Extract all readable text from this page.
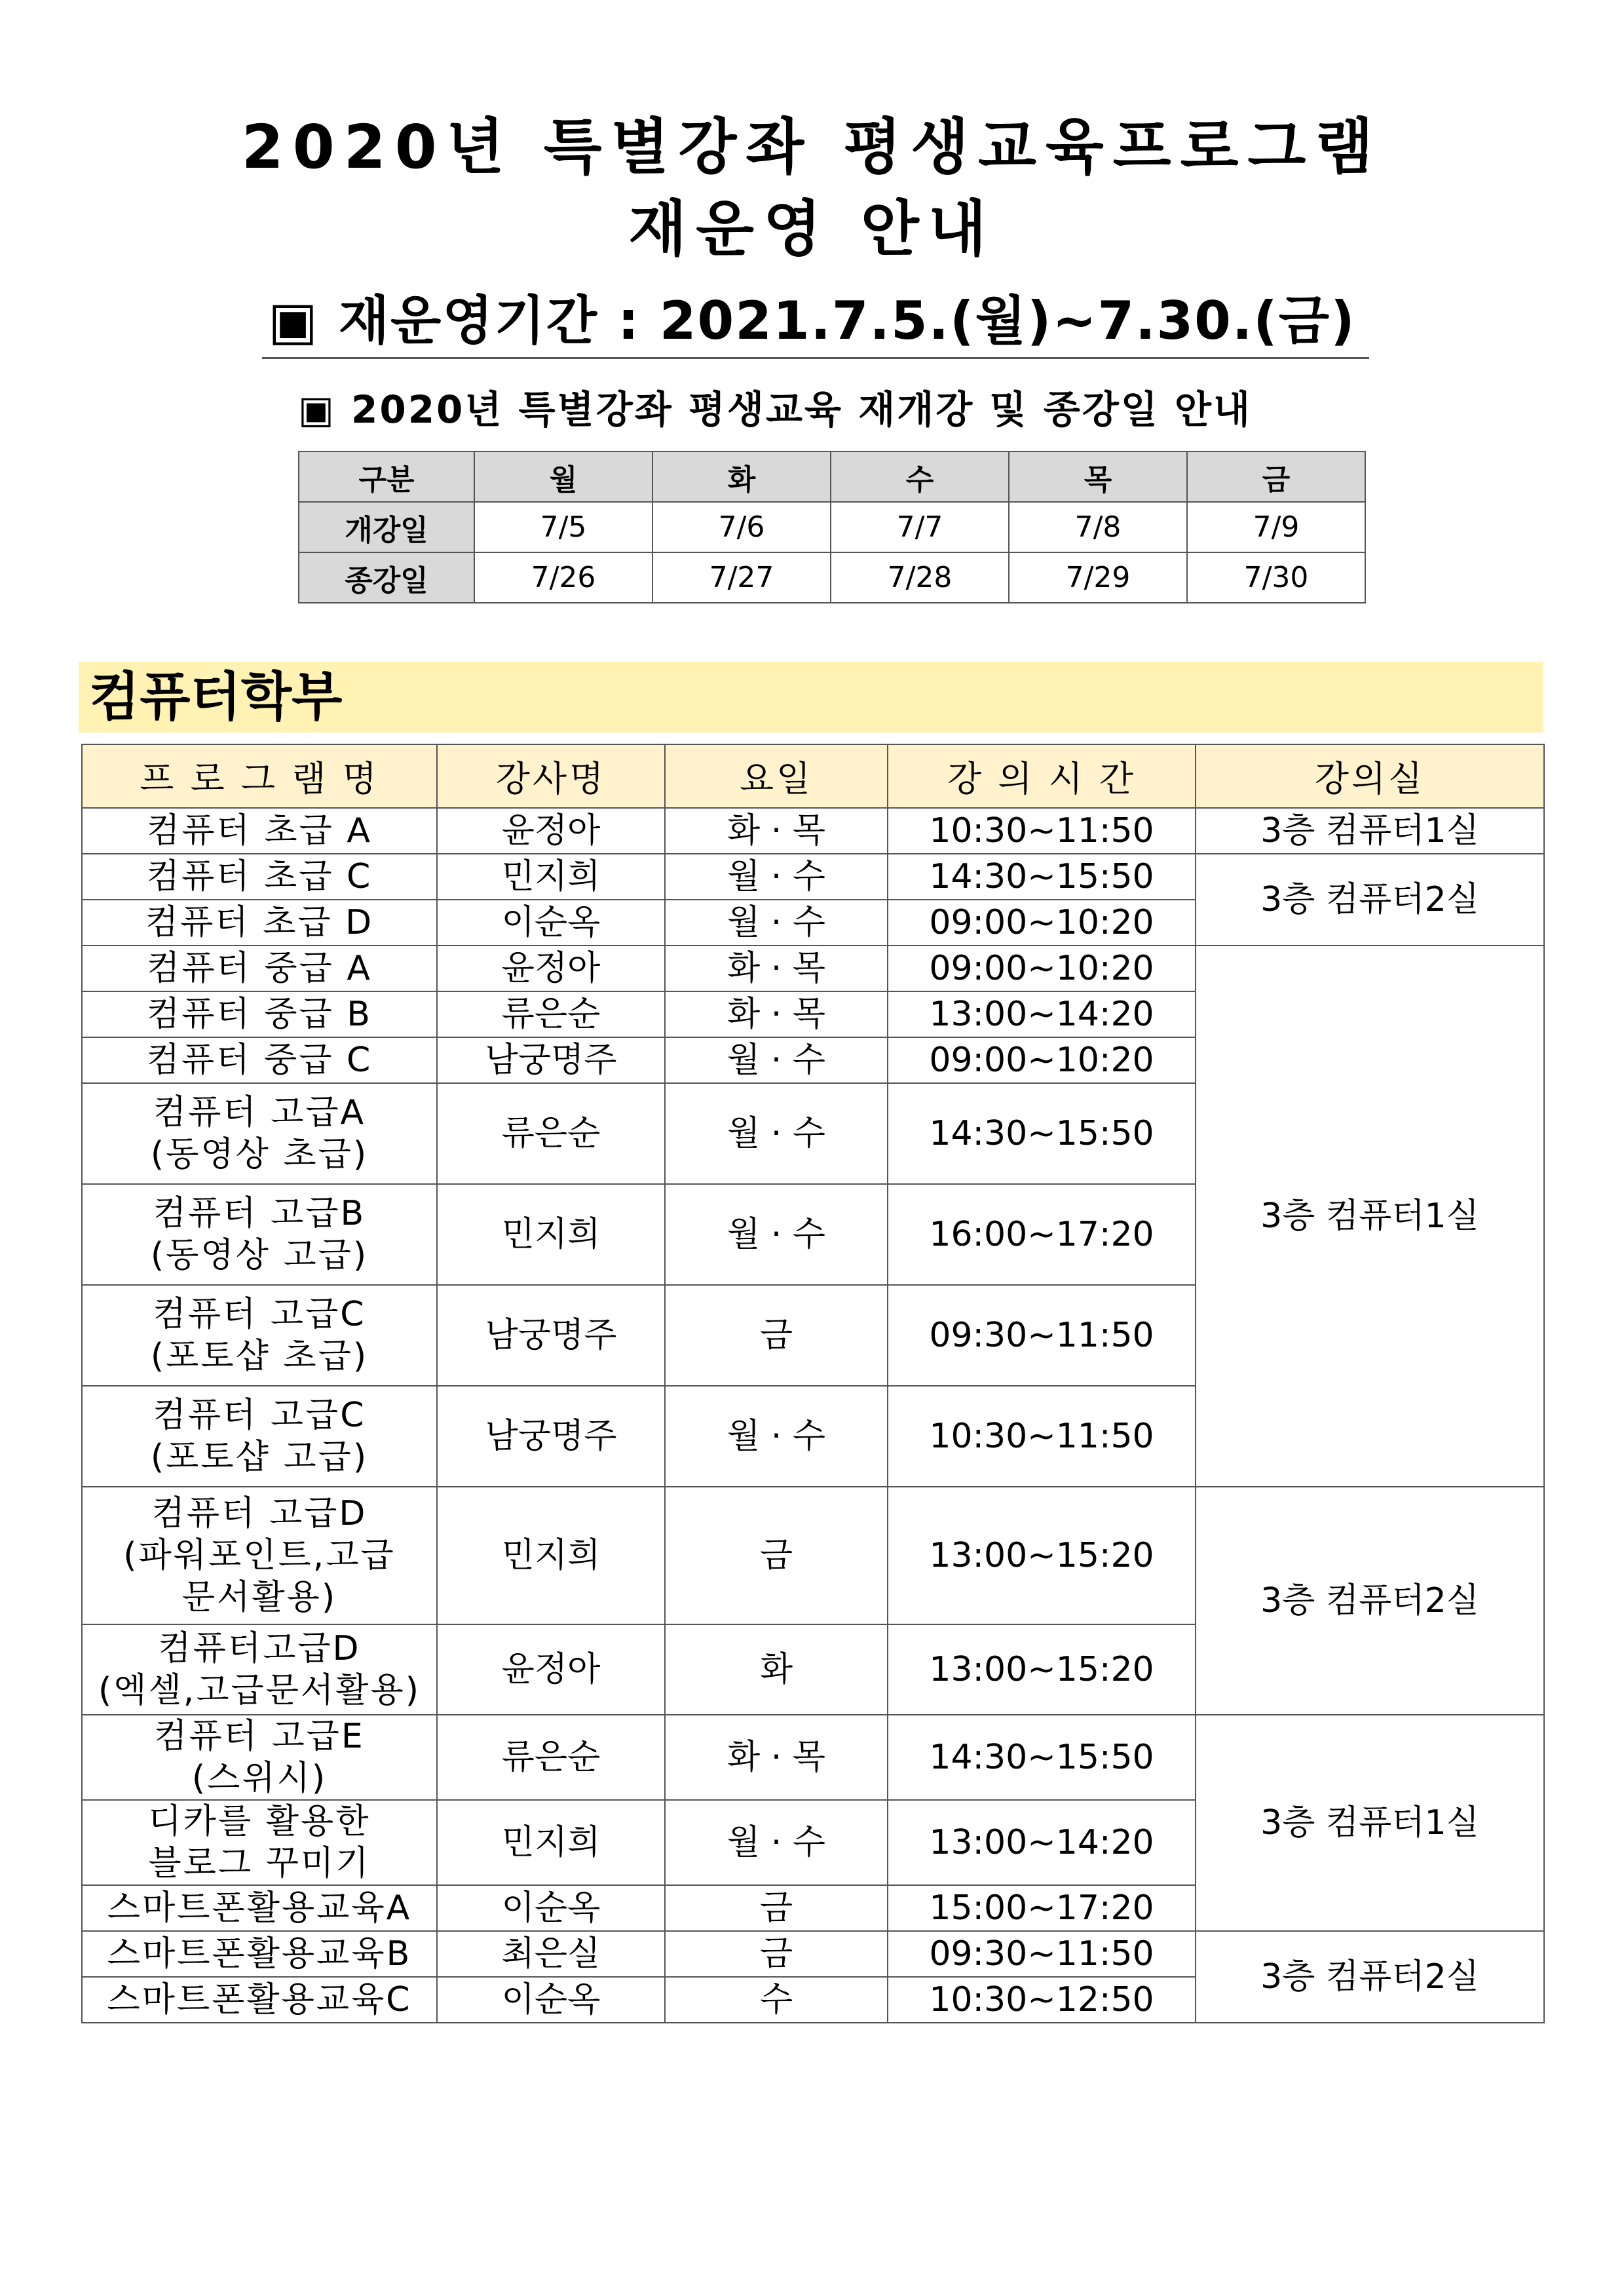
2020년 특별강좌 평생교육프로그램
재운영 안내
▣ 재운영기간 : 2021.7.5.(월)~7.30.(금)
▣ 2020년 특별강좌 평생교육 재개강 및 종강일 안내
구분	월	화	수	목	금
개강일	7/5	7/6	7/7	7/8	7/9
종강일	7/26	7/27	7/28	7/29	7/30
컴퓨터학부
프 로 그 램 명	강사명	요일	강 의 시 간	강의실
컴퓨터 초급 A	윤정아	화 · 목	10:30~11:50	3층 컴퓨터1실
컴퓨터 초급 C	민지희	월 · 수	14:30~15:50	3층 컴퓨터2실
컴퓨터 초급 D	이순옥	월 · 수	09:00~10:20	
컴퓨터 중급 A	윤정아	화 · 목	09:00~10:20	3층 컴퓨터1실
컴퓨터 중급 B	류은순	화 · 목	13:00~14:20	
컴퓨터 중급 C	남궁명주	월 · 수	09:00~10:20	

컴퓨터 고급A
(동영상 초급)	류은순	월 · 수	14:30~15:50	

컴퓨터 고급B
(동영상 고급)	민지희	월 · 수	16:00~17:20	

컴퓨터 고급C
(포토샵 초급)	남궁명주	금	09:30~11:50	

컴퓨터 고급C
(포토샵 고급)	남궁명주	월 · 수	10:30~11:50	

컴퓨터 고급D
(파워포인트,고급
문서활용)	민지희	금	13:00~15:20	3층 컴퓨터2실

컴퓨터고급D
(엑셀,고급문서활용)	윤정아	화	13:00~15:20	

컴퓨터 고급E
(스위시)	류은순	화 · 목	14:30~15:50	3층 컴퓨터1실

디카를 활용한
블로그 꾸미기	민지희	월 · 수	13:00~14:20	
스마트폰활용교육A	이순옥	금	15:00~17:20	
스마트폰활용교육B	최은실	금	09:30~11:50	3층 컴퓨터2실
스마트폰활용교육C	이순옥	수	10:30~12:50	
